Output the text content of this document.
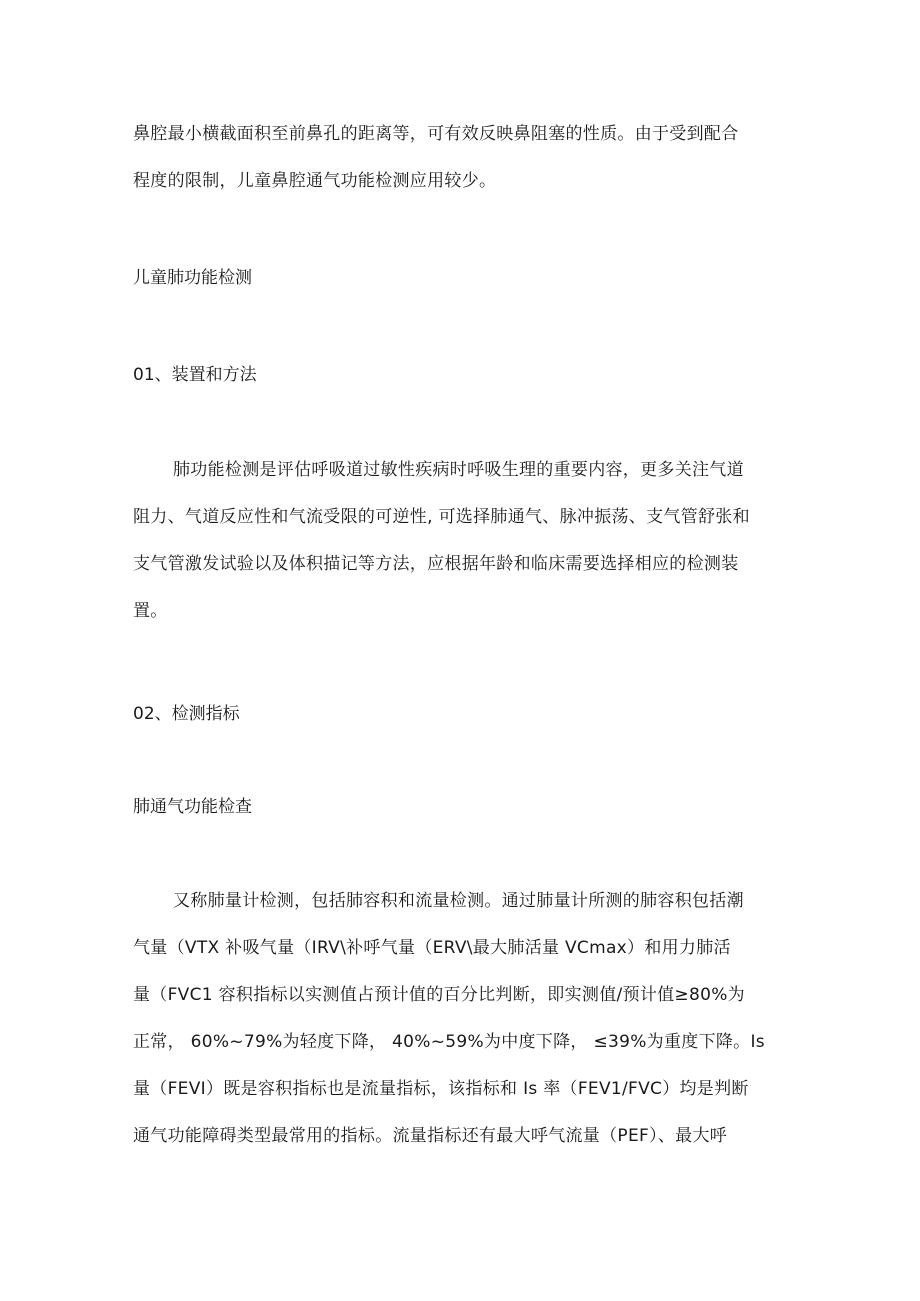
鼻腔最小横截面积至前鼻孔的距离等，可有效反映鼻阻塞的性质。由于受到配合
程度的限制，儿童鼻腔通气功能检测应用较少。
儿童肺功能检测
01、装置和方法
肺功能检测是评估呼吸道过敏性疾病时呼吸生理的重要内容，更多关注气道
阻力、气道反应性和气流受限的可逆性, 可选择肺通气、脉冲振荡、支气管舒张和
支气管激发试验以及体积描记等方法，应根据年龄和临床需要选择相应的检测装
置。
02、检测指标
肺通气功能检查
又称肺量计检测，包括肺容积和流量检测。通过肺量计所测的肺容积包括潮
气量（VTX 补吸气量（IRV\补呼气量（ERV\最大肺活量 VCmax）和用力肺活
量（FVC1 容积指标以实测值占预计值的百分比判断，即实测值/预计值≥80%为
正常， 60%~79%为轻度下降， 40%~59%为中度下降， ≤39%为重度下降。Is
量（FEVI）既是容积指标也是流量指标，该指标和 Is 率（FEV1/FVC）均是判断
通气功能障碍类型最常用的指标。流量指标还有最大呼气流量（PEF）、最大呼
